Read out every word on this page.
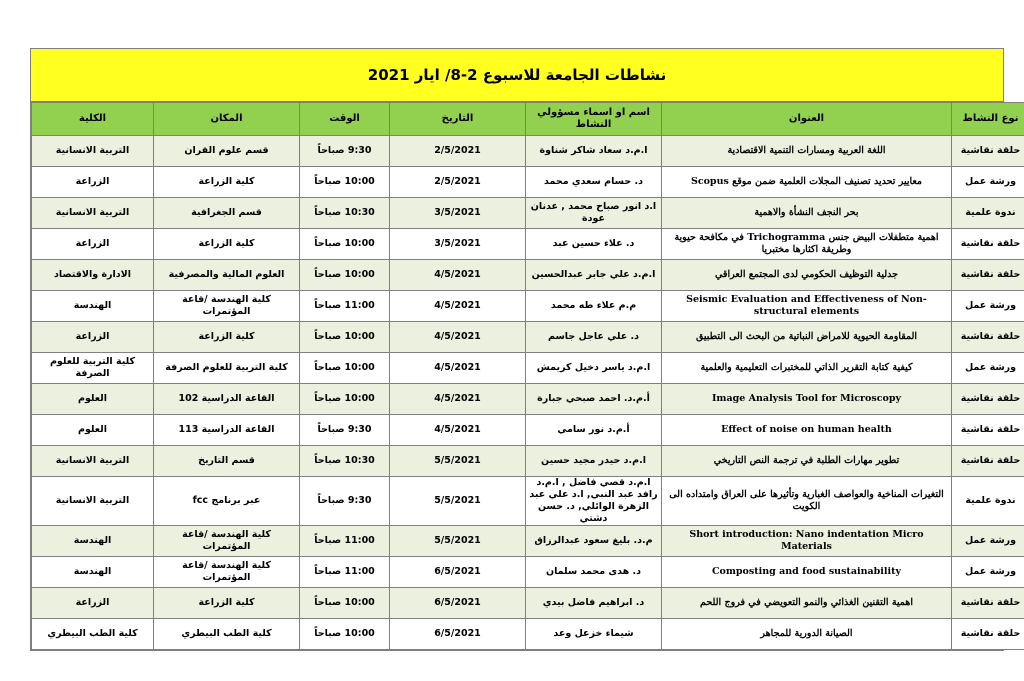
نشاطات الجامعة للاسبوع 2-8/ ايار 2021
نوع النشاط	العنوان	اسم او اسماء مسؤولي النشاط	التاريخ	الوقت	المكان	الكلية
حلقة نقاشية	اللغة العربية ومسارات التنمية الاقتصادية	ا.م.د سعاد شاكر شناوة	2/5/2021	9:30 صباحاً	قسم علوم القران	التربية الانسانية
ورشة عمل	معايير تحديد تصنيف المجلات العلمية ضمن موقع Scopus	د. حسام سعدي محمد	2/5/2021	10:00 صباحاً	كلية الزراعة	الزراعة
ندوة علمية	بحر النجف النشأة والاهمية	ا.د انور صباح محمد , عدنان عودة	3/5/2021	10:30 صباحاً	قسم الجغرافية	التربية الانسانية
حلقة نقاشية	اهمية متطفلات البيض جنس Trichogramma في مكافحة حيوية وطريقة اكثارها مختبريا	د. علاء حسين عبد	3/5/2021	10:00 صباحاً	كلية الزراعة	الزراعة
حلقة نقاشية	جدلية التوظيف الحكومي لدى المجتمع العراقي	ا.م.د علي جابر عبدالحسين	4/5/2021	10:00 صباحاً	العلوم المالية والمصرفية	الادارة والاقتصاد
ورشة عمل	Seismic Evaluation and Effectiveness of Non-structural elements	م.م علاء طه محمد	4/5/2021	11:00 صباحاً	كلية الهندسة /قاعة المؤتمرات	الهندسة
حلقة نقاشية	المقاومة الحيوية للامراض النباتية من البحث الى التطبيق	د. علي عاجل جاسم	4/5/2021	10:00 صباحاً	كلية الزراعة	الزراعة
ورشة عمل	كيفية كتابة التقرير الذاتي للمختبرات التعليمية والعلمية	ا.م.د ياسر دخيل كريمش	4/5/2021	10:00 صباحاً	كلية التربية للعلوم الصرفة	كلية التربية للعلوم الصرفة
حلقة نقاشية	Image Analysis Tool for Microscopy	أ.م.د. احمد صبحي جبارة	4/5/2021	10:00 صباحاً	القاعة الدراسية 102	العلوم
حلقة نقاشية	Effect of noise on human health	أ.م.د نور سامي	4/5/2021	9:30 صباحاً	القاعة الدراسية 113	العلوم
حلقة نقاشية	تطوير مهارات الطلبة في ترجمة النص التاريخي	ا.م.د حيدر مجيد حسين	5/5/2021	10:30 صباحاً	قسم التاريخ	التربية الانسانية
ندوة علمية	التغيرات المناخية والعواصف الغبارية وتأثيرها على العراق وامتداده الى الكويت	ا.م.د قصي فاضل , ا.م.د رافد عبد النبي, ا.د علي عبد الزهرة الوائلي, د. حسن دشتي	5/5/2021	9:30 صباحاً	عبر برنامج fcc	التربية الانسانية
ورشة عمل	Short introduction: Nano indentation Micro Materials	م.د. بليغ سعود عبدالرزاق	5/5/2021	11:00 صباحاً	كلية الهندسة /قاعة المؤتمرات	الهندسة
ورشة عمل	Composting and food sustainability	د. هدى محمد سلمان	6/5/2021	11:00 صباحاً	كلية الهندسة /قاعة المؤتمرات	الهندسة
حلقة نقاشية	اهمية التقنين الغذائي والنمو التعويضي في فروج اللحم	د. ابراهيم فاضل بيدي	6/5/2021	10:00 صباحاً	كلية الزراعة	الزراعة
حلقة نقاشية	الصيانة الدورية للمجاهر	شيماء خزعل وعد	6/5/2021	10:00 صباحاً	كلية الطب البيطري	كلية الطب البيطري
